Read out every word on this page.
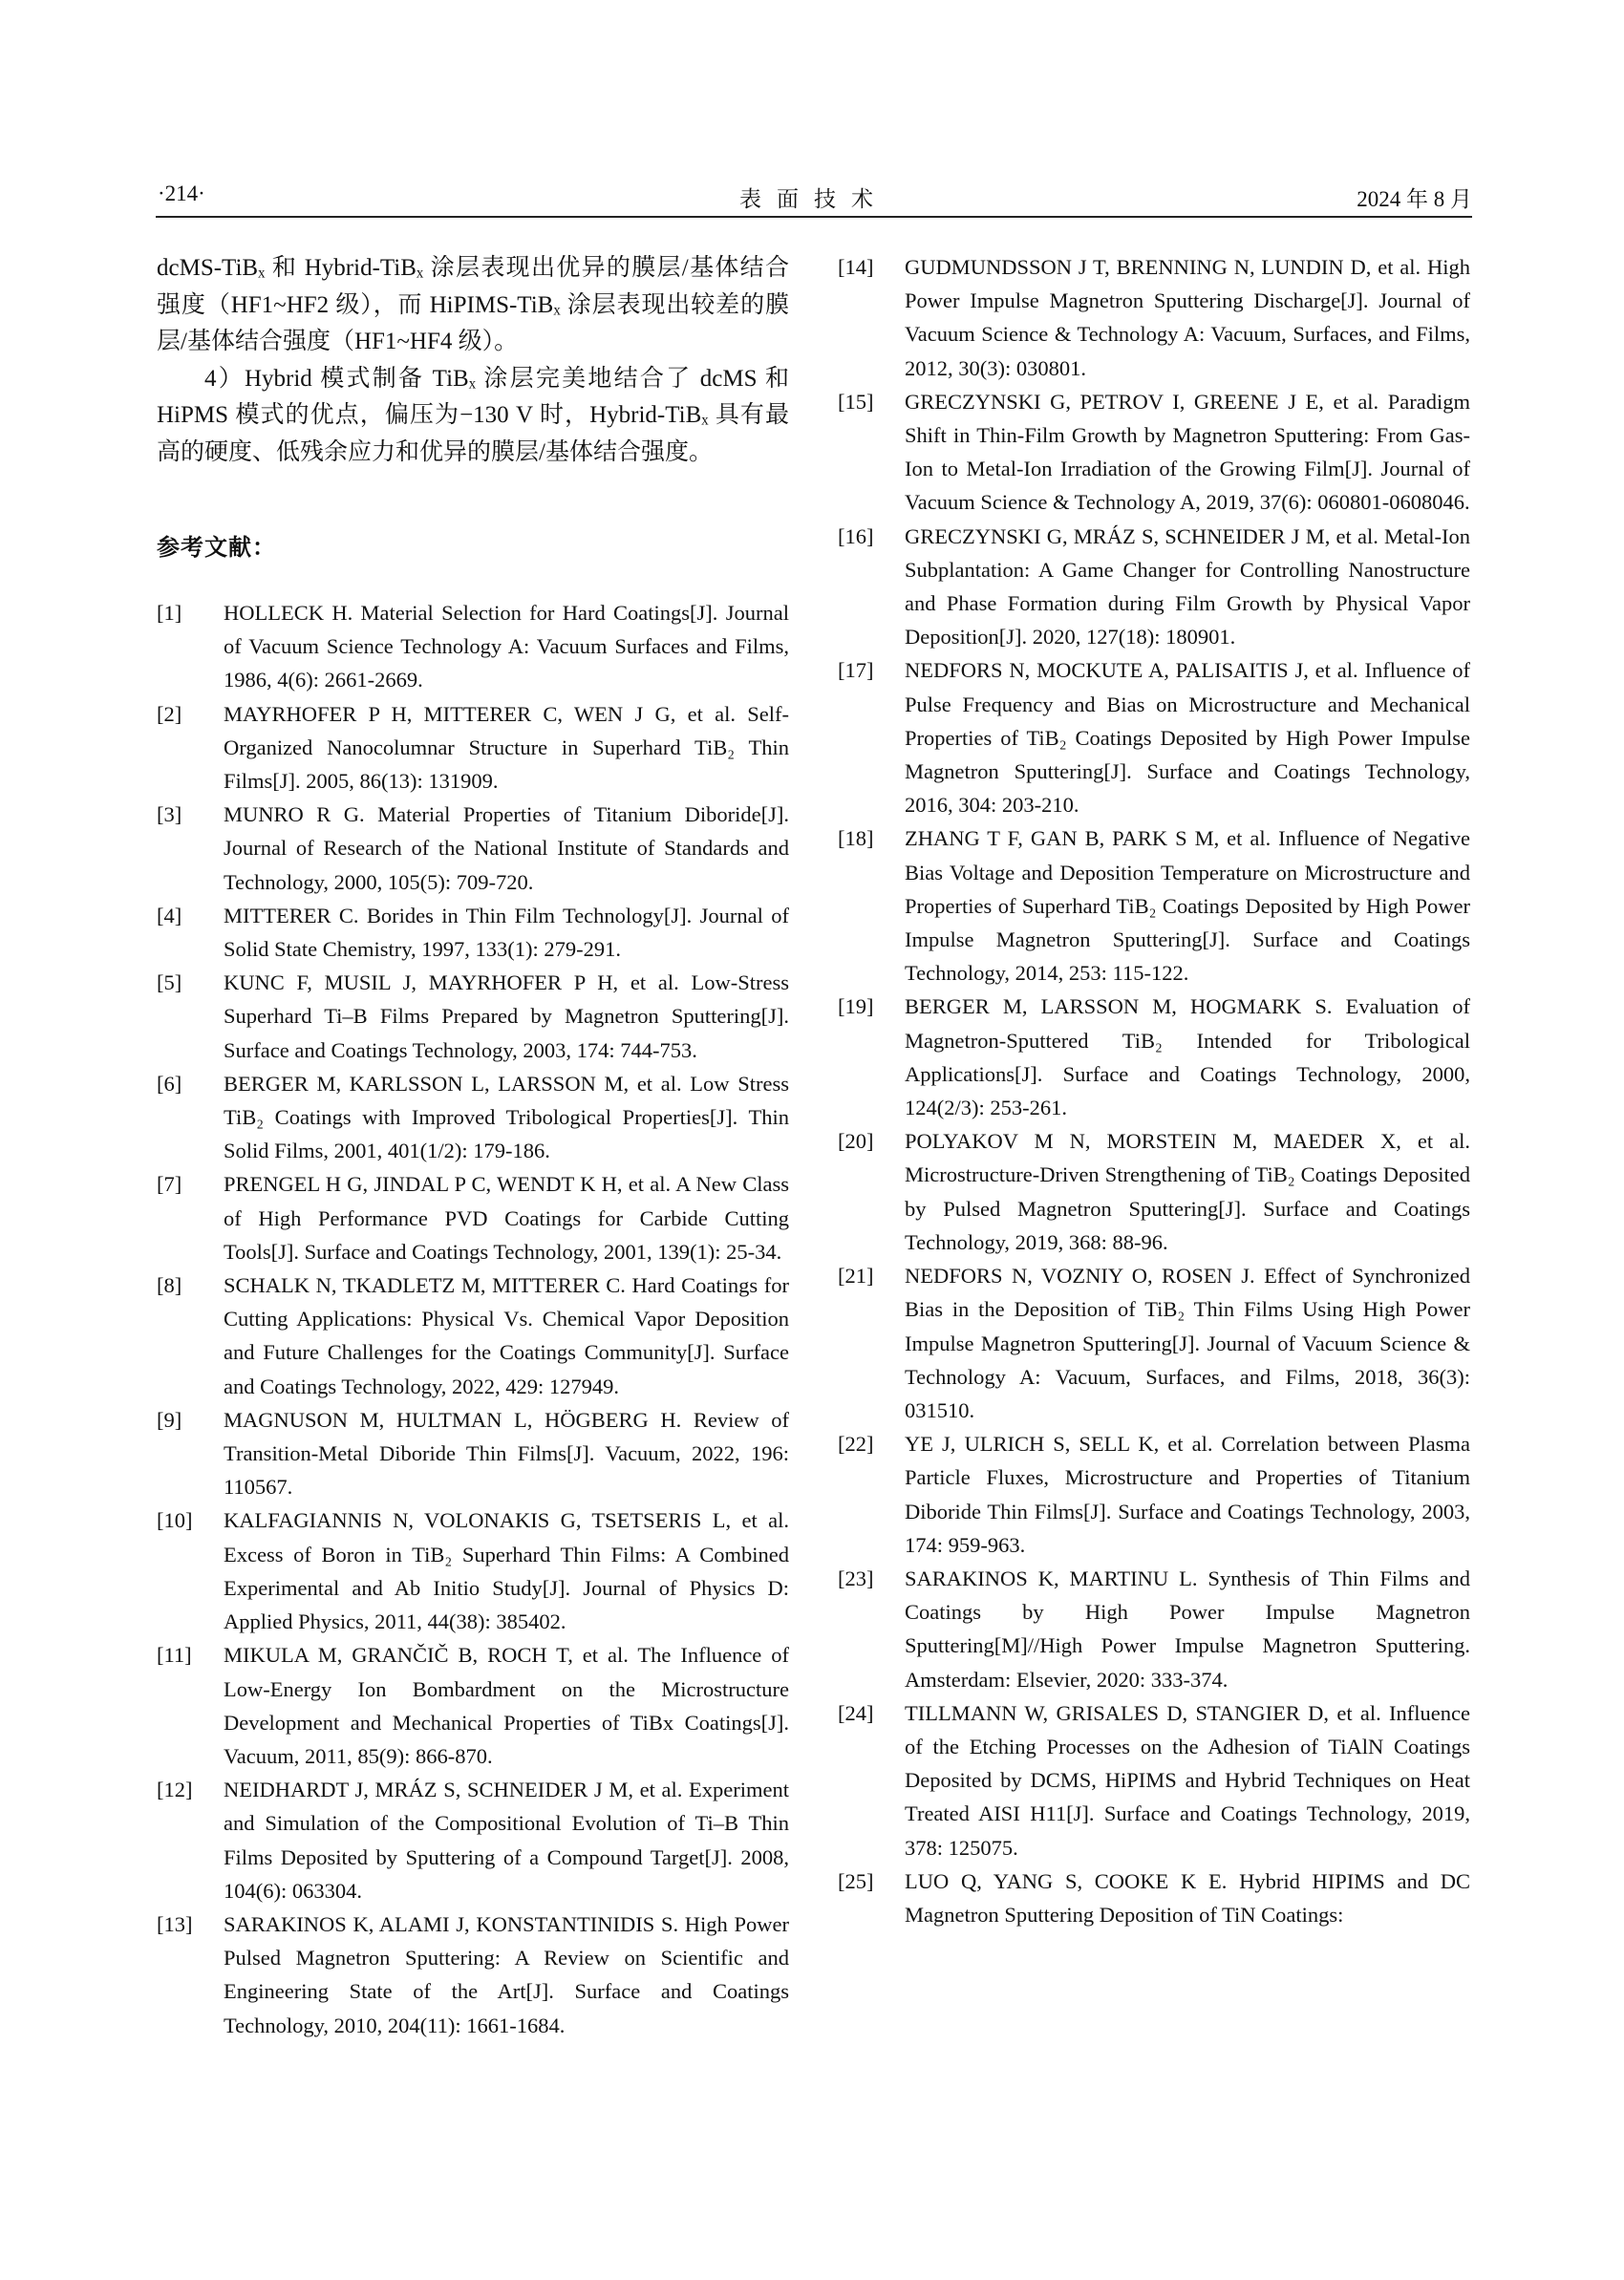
·214·	表面技术	2024 年 8 月

dcMS-TiBₓ 和 Hybrid-TiBₓ 涂层表现出优异的膜层/基体结合强度（HF1~HF2 级），而 HiPIMS-TiBₓ 涂层表现出较差的膜层/基体结合强度（HF1~HF4 级）。

4）Hybrid 模式制备 TiBₓ 涂层完美地结合了 dcMS 和 HiPMS 模式的优点，偏压为−130 V 时，Hybrid-TiBₓ 具有最高的硬度、低残余应力和优异的膜层/基体结合强度。

参考文献：
[1] HOLLECK H. Material Selection for Hard Coatings[J]. Journal of Vacuum Science Technology A: Vacuum Surfaces and Films, 1986, 4(6): 2661-2669.
[2] MAYRHOFER P H, MITTERER C, WEN J G, et al. Self-Organized Nanocolumnar Structure in Superhard TiB₂ Thin Films[J]. 2005, 86(13): 131909.
[3] MUNRO R G. Material Properties of Titanium Diboride[J]. Journal of Research of the National Institute of Standards and Technology, 2000, 105(5): 709-720.
[4] MITTERER C. Borides in Thin Film Technology[J]. Journal of Solid State Chemistry, 1997, 133(1): 279-291.
[5] KUNC F, MUSIL J, MAYRHOFER P H, et al. Low-Stress Superhard Ti–B Films Prepared by Magnetron Sputtering[J]. Surface and Coatings Technology, 2003, 174: 744-753.
[6] BERGER M, KARLSSON L, LARSSON M, et al. Low Stress TiB₂ Coatings with Improved Tribological Properties[J]. Thin Solid Films, 2001, 401(1/2): 179-186.
[7] PRENGEL H G, JINDAL P C, WENDT K H, et al. A New Class of High Performance PVD Coatings for Carbide Cutting Tools[J]. Surface and Coatings Technology, 2001, 139(1): 25-34.
[8] SCHALK N, TKADLETZ M, MITTERER C. Hard Coatings for Cutting Applications: Physical Vs. Chemical Vapor Deposition and Future Challenges for the Coatings Community[J]. Surface and Coatings Technology, 2022, 429: 127949.
[9] MAGNUSON M, HULTMAN L, HÖGBERG H. Review of Transition-Metal Diboride Thin Films[J]. Vacuum, 2022, 196: 110567.
[10] KALFAGIANNIS N, VOLONAKIS G, TSETSERIS L, et al. Excess of Boron in TiB₂ Superhard Thin Films: A Combined Experimental and Ab Initio Study[J]. Journal of Physics D: Applied Physics, 2011, 44(38): 385402.
[11] MIKULA M, GRANČIČ B, ROCH T, et al. The Influence of Low-Energy Ion Bombardment on the Microstructure Development and Mechanical Properties of TiBx Coatings[J]. Vacuum, 2011, 85(9): 866-870.
[12] NEIDHARDT J, MRÁZ S, SCHNEIDER J M, et al. Experiment and Simulation of the Compositional Evolution of Ti–B Thin Films Deposited by Sputtering of a Compound Target[J]. 2008, 104(6): 063304.
[13] SARAKINOS K, ALAMI J, KONSTANTINIDIS S. High Power Pulsed Magnetron Sputtering: A Review on Scientific and Engineering State of the Art[J]. Surface and Coatings Technology, 2010, 204(11): 1661-1684.
[14] GUDMUNDSSON J T, BRENNING N, LUNDIN D, et al. High Power Impulse Magnetron Sputtering Discharge[J]. Journal of Vacuum Science & Technology A: Vacuum, Surfaces, and Films, 2012, 30(3): 030801.
[15] GRECZYNSKI G, PETROV I, GREENE J E, et al. Paradigm Shift in Thin-Film Growth by Magnetron Sputtering: From Gas-Ion to Metal-Ion Irradiation of the Growing Film[J]. Journal of Vacuum Science & Technology A, 2019, 37(6): 060801-0608046.
[16] GRECZYNSKI G, MRÁZ S, SCHNEIDER J M, et al. Metal-Ion Subplantation: A Game Changer for Controlling Nanostructure and Phase Formation during Film Growth by Physical Vapor Deposition[J]. 2020, 127(18): 180901.
[17] NEDFORS N, MOCKUTE A, PALISAITIS J, et al. Influence of Pulse Frequency and Bias on Microstructure and Mechanical Properties of TiB₂ Coatings Deposited by High Power Impulse Magnetron Sputtering[J]. Surface and Coatings Technology, 2016, 304: 203-210.
[18] ZHANG T F, GAN B, PARK S M, et al. Influence of Negative Bias Voltage and Deposition Temperature on Microstructure and Properties of Superhard TiB₂ Coatings Deposited by High Power Impulse Magnetron Sputtering[J]. Surface and Coatings Technology, 2014, 253: 115-122.
[19] BERGER M, LARSSON M, HOGMARK S. Evaluation of Magnetron-Sputtered TiB₂ Intended for Tribological Applications[J]. Surface and Coatings Technology, 2000, 124(2/3): 253-261.
[20] POLYAKOV M N, MORSTEIN M, MAEDER X, et al. Microstructure-Driven Strengthening of TiB₂ Coatings Deposited by Pulsed Magnetron Sputtering[J]. Surface and Coatings Technology, 2019, 368: 88-96.
[21] NEDFORS N, VOZNIY O, ROSEN J. Effect of Synchronized Bias in the Deposition of TiB₂ Thin Films Using High Power Impulse Magnetron Sputtering[J]. Journal of Vacuum Science & Technology A: Vacuum, Surfaces, and Films, 2018, 36(3): 031510.
[22] YE J, ULRICH S, SELL K, et al. Correlation between Plasma Particle Fluxes, Microstructure and Properties of Titanium Diboride Thin Films[J]. Surface and Coatings Technology, 2003, 174: 959-963.
[23] SARAKINOS K, MARTINU L. Synthesis of Thin Films and Coatings by High Power Impulse Magnetron Sputtering[M]//High Power Impulse Magnetron Sputtering. Amsterdam: Elsevier, 2020: 333-374.
[24] TILLMANN W, GRISALES D, STANGIER D, et al. Influence of the Etching Processes on the Adhesion of TiAlN Coatings Deposited by DCMS, HiPIMS and Hybrid Techniques on Heat Treated AISI H11[J]. Surface and Coatings Technology, 2019, 378: 125075.
[25] LUO Q, YANG S, COOKE K E. Hybrid HIPIMS and DC Magnetron Sputtering Deposition of TiN Coatings:
